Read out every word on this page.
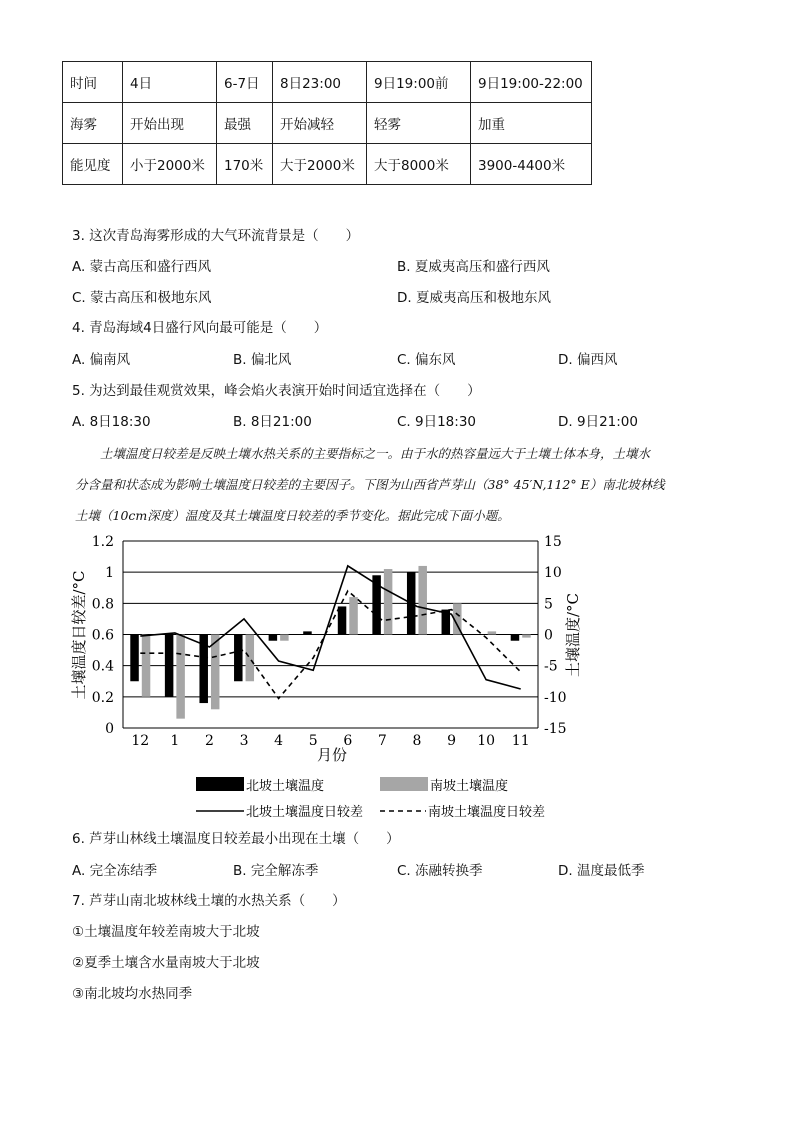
时间	4日	6-7日	8日23:00	9日19:00前	9日19:00-22:00
海雾	开始出现	最强	开始减轻	轻雾	加重
能见度	小于2000米	170米	大于2000米	大于8000米	3900-4400米
3. 这次青岛海雾形成的大气环流背景是（　　）
A. 蒙古高压和盛行西风	B. 夏威夷高压和盛行西风
C. 蒙古高压和极地东风	D. 夏威夷高压和极地东风
4. 青岛海域4日盛行风向最可能是（　　）
A. 偏南风	B. 偏北风	C. 偏东风	D. 偏西风
5. 为达到最佳观赏效果，峰会焰火表演开始时间适宜选择在（　　）
A. 8日18:30	B. 8日21:00	C. 9日18:30	D. 9日21:00
土壤温度日较差是反映土壤水热关系的主要指标之一。由于水的热容量远大于土壤土体本身，土壤水
分含量和状态成为影响土壤温度日较差的主要因子。下图为山西省芦芽山（38° 45′N,112° E）南北坡林线
土壤（10cm深度）温度及其土壤温度日较差的季节变化。据此完成下面小题。
0
0.2
0.4
0.6
0.8
1
1.2
-15
-10
-5
0
5
10
15
12 1 2 3 4 5 6 7 8 9 10 11
月份
土壤温度日较差/°C	土壤温度/°C
北坡土壤温度	南坡土壤温度
北坡土壤温度日较差	南坡土壤温度日较差
6. 芦芽山林线土壤温度日较差最小出现在土壤（　　）
A. 完全冻结季	B. 完全解冻季	C. 冻融转换季	D. 温度最低季
7. 芦芽山南北坡林线土壤的水热关系（　　）
①土壤温度年较差南坡大于北坡
②夏季土壤含水量南坡大于北坡
③南北坡均水热同季
